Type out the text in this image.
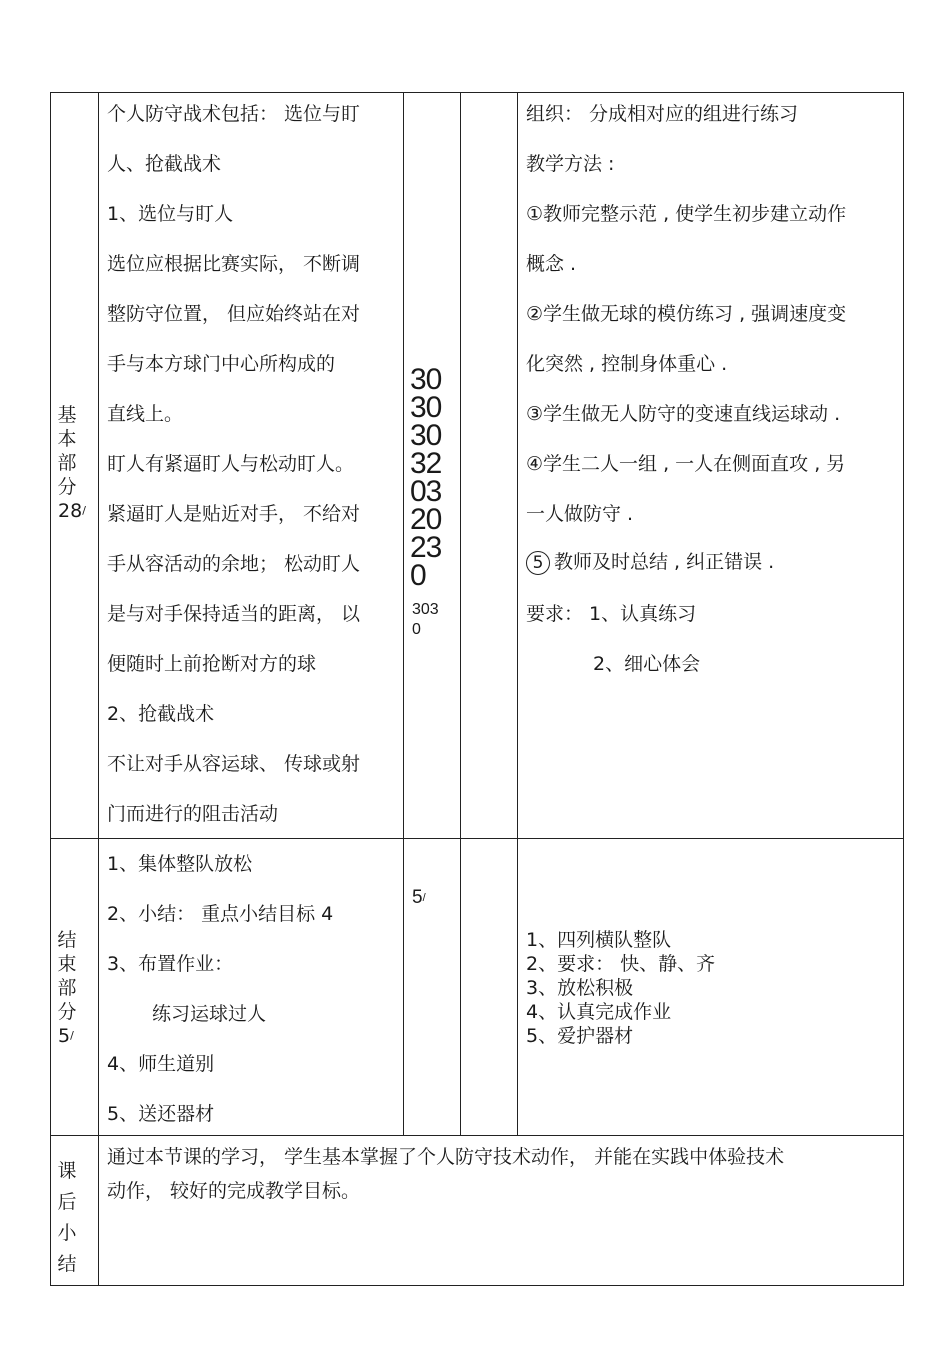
基本部分
28/
个人防守战术包括： 选位与盯
人、抢截战术
1、选位与盯人
选位应根据比赛实际， 不断调
整防守位置， 但应始终站在对
手与本方球门中心所构成的
直线上。
盯人有紧逼盯人与松动盯人。
紧逼盯人是贴近对手， 不给对
手从容活动的余地； 松动盯人
是与对手保持适当的距离， 以
便随时上前抢断对方的球
2、抢截战术
不让对手从容运球、 传球或射
门而进行的阻击活动
30
30
30
32
03
20
23
0
303
0
组织： 分成相对应的组进行练习
教学方法 :
①教师完整示范 , 使学生初步建立动作
概念 .
②学生做无球的模仿练习 , 强调速度变
化突然 , 控制身体重心 .
③学生做无人防守的变速直线运球动 .
④学生二人一组 , 一人在侧面直攻 , 另
一人做防守 .
5 教师及时总结 , 纠正错误 .
要求： 1、认真练习
2、细心体会
结束部分
5/
1、集体整队放松
2、小结： 重点小结目标 4
3、布置作业：
练习运球过人
4、师生道别
5、送还器材
5/
1、四列横队整队
2、要求： 快、静、齐
3、放松积极
4、认真完成作业
5、爱护器材
课后小结
通过本节课的学习， 学生基本掌握了个人防守技术动作， 并能在实践中体验技术
动作， 较好的完成教学目标。
